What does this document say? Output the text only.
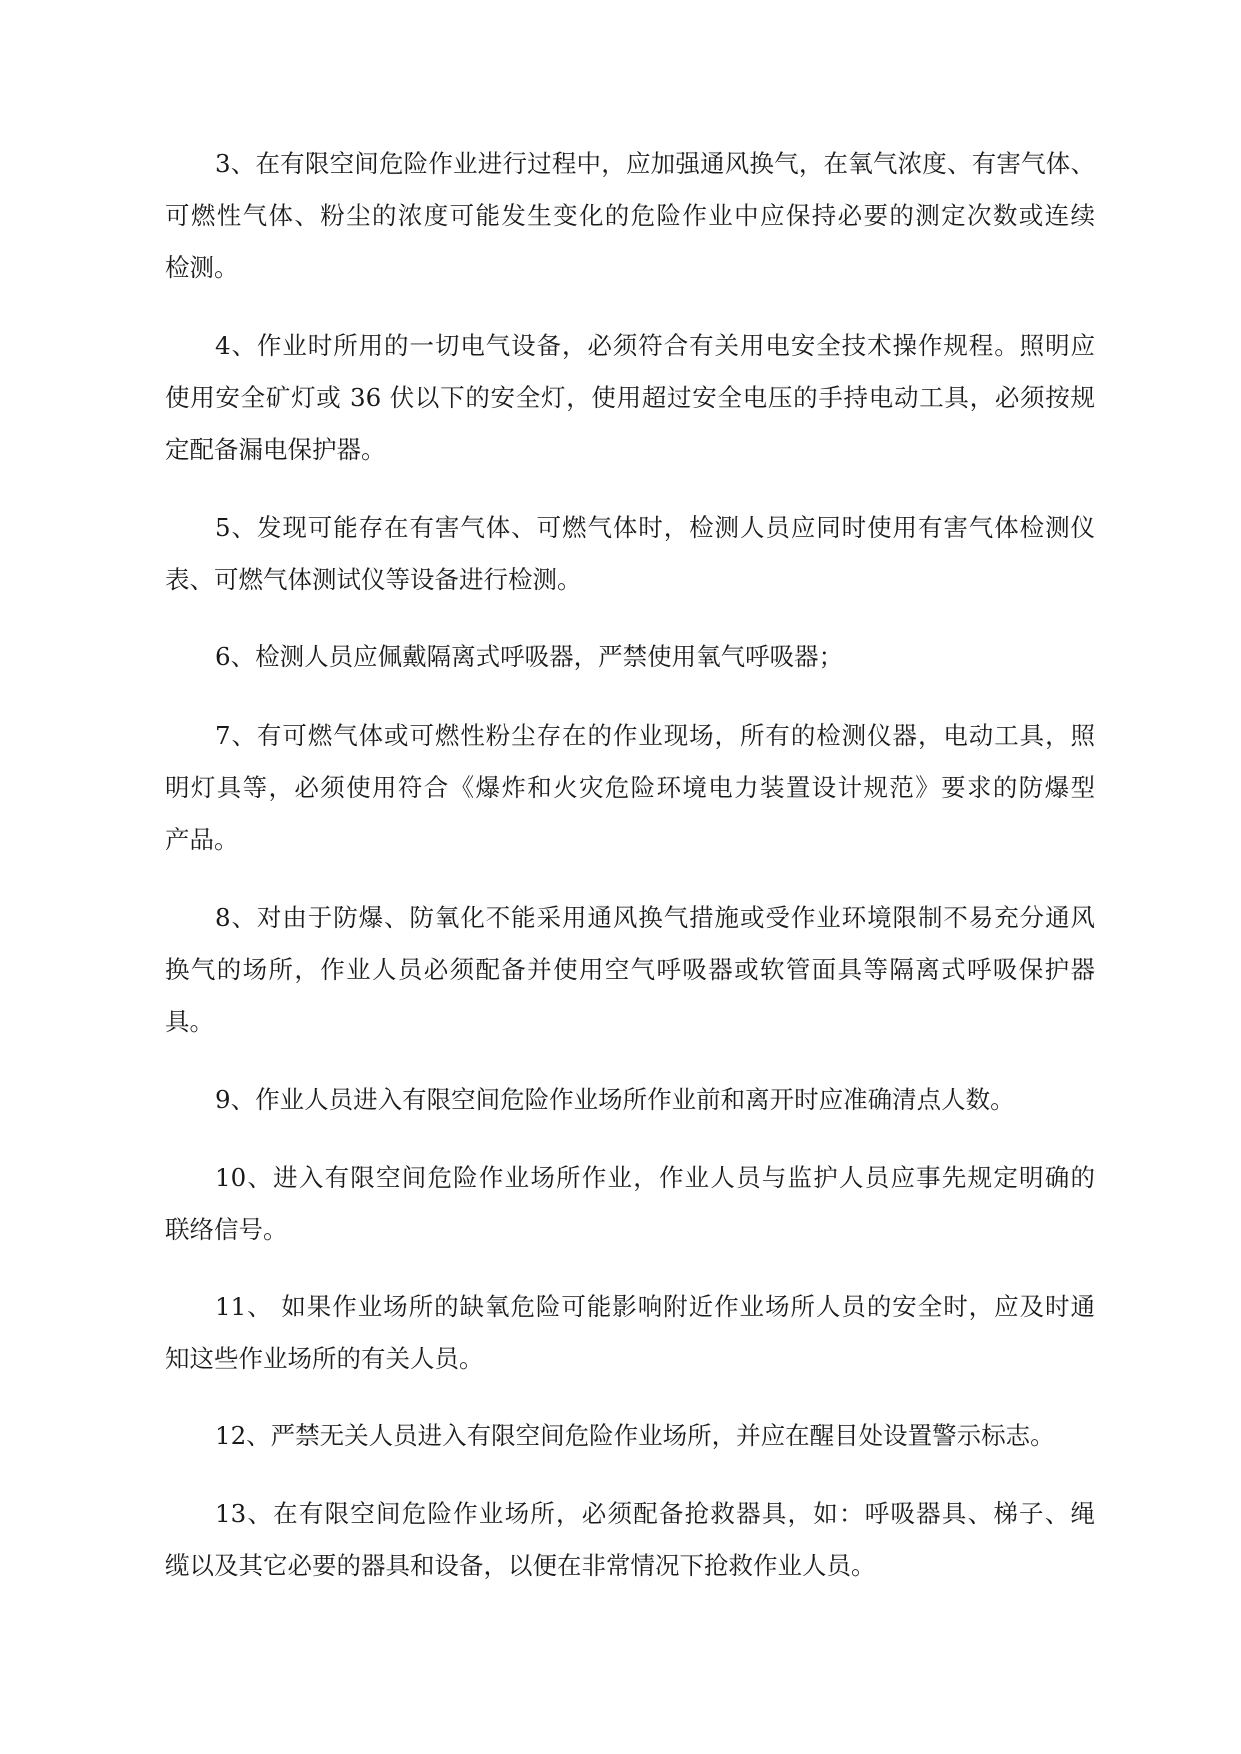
3、在有限空间危险作业进行过程中，应加强通风换气，在氧气浓度、有害气体、
可燃性气体、粉尘的浓度可能发生变化的危险作业中应保持必要的测定次数或连续
检测。
4、作业时所用的一切电气设备，必须符合有关用电安全技术操作规程。照明应
使用安全矿灯或 36 伏以下的安全灯，使用超过安全电压的手持电动工具，必须按规
定配备漏电保护器。
5、发现可能存在有害气体、可燃气体时，检测人员应同时使用有害气体检测仪
表、可燃气体测试仪等设备进行检测。
6、检测人员应佩戴隔离式呼吸器，严禁使用氧气呼吸器；
7、有可燃气体或可燃性粉尘存在的作业现场，所有的检测仪器，电动工具，照
明灯具等，必须使用符合《爆炸和火灾危险环境电力装置设计规范》要求的防爆型
产品。
8、对由于防爆、防氧化不能采用通风换气措施或受作业环境限制不易充分通风
换气的场所，作业人员必须配备并使用空气呼吸器或软管面具等隔离式呼吸保护器
具。
9、作业人员进入有限空间危险作业场所作业前和离开时应准确清点人数。
10、进入有限空间危险作业场所作业，作业人员与监护人员应事先规定明确的
联络信号。
11、 如果作业场所的缺氧危险可能影响附近作业场所人员的安全时，应及时通
知这些作业场所的有关人员。
12、严禁无关人员进入有限空间危险作业场所，并应在醒目处设置警示标志。
13、在有限空间危险作业场所，必须配备抢救器具，如：呼吸器具、梯子、绳
缆以及其它必要的器具和设备，以便在非常情况下抢救作业人员。
